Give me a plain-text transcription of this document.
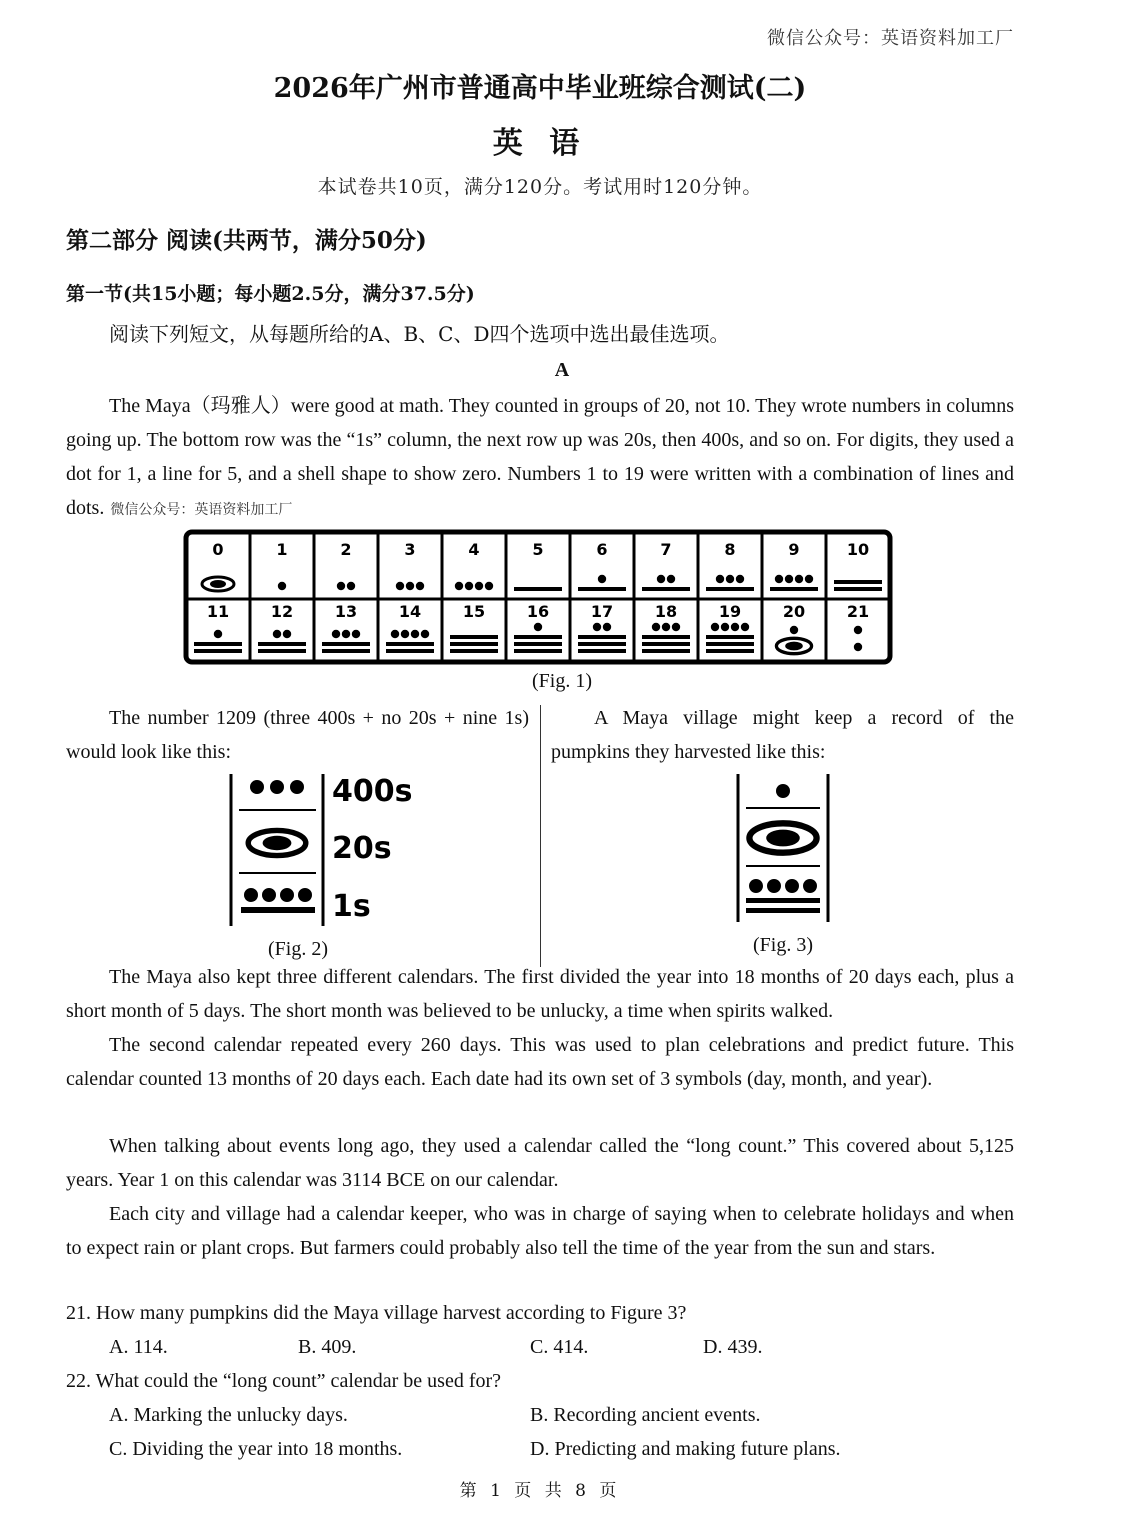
微信公众号：英语资料加工厂
2026年广州市普通高中毕业班综合测试(二)
英 语
本试卷共10页，满分120分。考试用时120分钟。
第二部分 阅读(共两节，满分50分)
第一节(共15小题；每小题2.5分，满分37.5分)
阅读下列短文，从每题所给的A、B、C、D四个选项中选出最佳选项。
A

The Maya（玛雅人）were good at math. They counted in groups of 20, not 10. They wrote numbers in columns going up. The bottom row was the “1s” column, the next row up was 20s, then 400s, and so on. For digits, they used a dot for 1, a line for 5, and a shell shape to show zero. Numbers 1 to 19 were written with a combination of lines and dots. 微信公众号：英语资料加工厂

0	1	2	3	4	5	6	7	8	9	10
11	12	13	14	15	16	17	18	19	20	21
(Fig. 1)
The number 1209 (three 400s + no 20s + nine 1s) would look like this:
A Maya village might keep a record of the pumpkins they harvested like this:
400s
20s
1s
(Fig. 2)	(Fig. 3)

The Maya also kept three different calendars. The first divided the year into 18 months of 20 days each, plus a short month of 5 days. The short month was believed to be unlucky, a time when spirits walked.

The second calendar repeated every 260 days. This was used to plan celebrations and predict future. This calendar counted 13 months of 20 days each. Each date had its own set of 3 symbols (day, month, and year).

When talking about events long ago, they used a calendar called the “long count.” This covered about 5,125 years. Year 1 on this calendar was 3114 BCE on our calendar.

Each city and village had a calendar keeper, who was in charge of saying when to celebrate holidays and when to expect rain or plant crops. But farmers could probably also tell the time of the year from the sun and stars.

21. How many pumpkins did the Maya village harvest according to Figure 3?
A. 114.	B. 409.	C. 414.	D. 439.
22. What could the “long count” calendar be used for?
A. Marking the unlucky days.	B. Recording ancient events.
C. Dividing the year into 18 months.	D. Predicting and making future plans.
第 1 页 共 8 页
